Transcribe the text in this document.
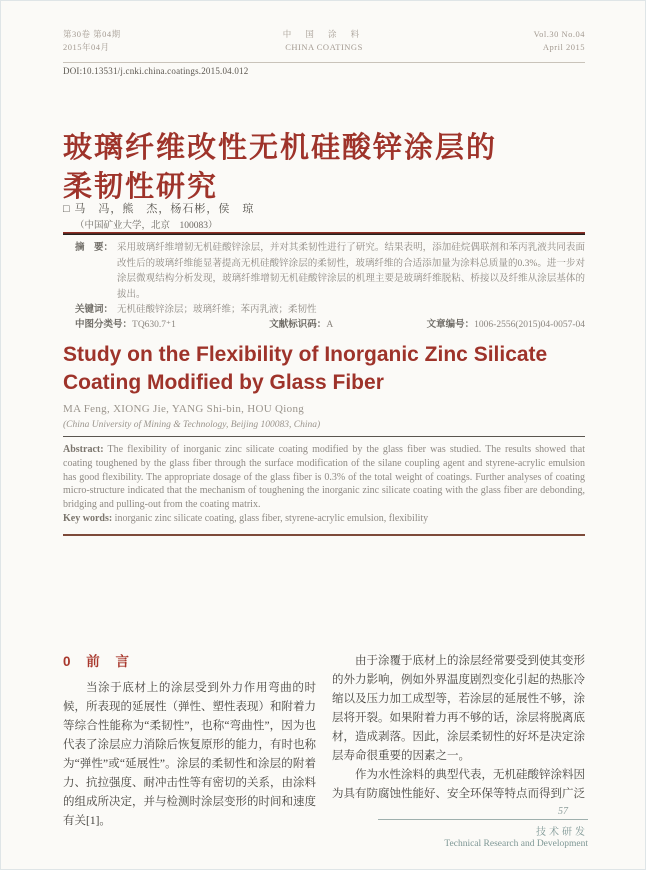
第30卷 第04期
2015年04月
中 国 涂 料
CHINA COATINGS
Vol.30 No.04
April 2015
DOI:10.13531/j.cnki.china.coatings.2015.04.012
玻璃纤维改性无机硅酸锌涂层的
柔韧性研究
□ 马　冯，熊　杰，杨石彬，侯　琼
（中国矿业大学，北京　100083）
摘　要： 采用玻璃纤维增韧无机硅酸锌涂层，并对其柔韧性进行了研究。结果表明，添加硅烷偶联剂和苯丙乳液共同表面改性后的玻璃纤维能显著提高无机硅酸锌涂层的柔韧性，玻璃纤维的合适添加量为涂料总质量的0.3%。进一步对涂层微观结构分析发现，玻璃纤维增韧无机硅酸锌涂层的机理主要是玻璃纤维脱粘、桥接以及纤维从涂层基体的拔出。
关键词： 无机硅酸锌涂层；玻璃纤维；苯丙乳液；柔韧性
中图分类号：TQ630.7⁺1	文献标识码：A	文章编号：1006-2556(2015)04-0057-04
Study on the Flexibility of Inorganic Zinc Silicate Coating Modified by Glass Fiber
MA Feng, XIONG Jie, YANG Shi-bin, HOU Qiong
(China University of Mining & Technology, Beijing 100083, China)
Abstract: The flexibility of inorganic zinc silicate coating modified by the glass fiber was studied. The results showed that coating toughened by the glass fiber through the surface modification of the silane coupling agent and styrene-acrylic emulsion has good flexibility. The appropriate dosage of the glass fiber is 0.3% of the total weight of coatings. Further analyses of coating micro-structure indicated that the mechanism of toughening the inorganic zinc silicate coating with the glass fiber are debonding, bridging and pulling-out from the coating matrix.
Key words: inorganic zinc silicate coating, glass fiber, styrene-acrylic emulsion, flexibility
0 前 言

当涂于底材上的涂层受到外力作用弯曲的时候，所表现的延展性（弹性、塑性表现）和附着力等综合性能称为“柔韧性”，也称“弯曲性”，因为也代表了涂层应力消除后恢复原形的能力，有时也称为“弹性”或“延展性”。涂层的柔韧性和涂层的附着力、抗拉强度、耐冲击性等有密切的关系，由涂料的组成所决定，并与检测时涂层变形的时间和速度有关[1]。

由于涂覆于底材上的涂层经常要受到使其变形的外力影响，例如外界温度剧烈变化引起的热胀冷缩以及压力加工成型等，若涂层的延展性不够，涂层将开裂。如果附着力再不够的话，涂层将脱离底材，造成剥落。因此，涂层柔韧性的好坏是决定涂层寿命很重要的因素之一。

作为水性涂料的典型代表，无机硅酸锌涂料因为具有防腐蚀性能好、安全环保等特点而得到广泛

57
技术研发
Technical Research and Development
